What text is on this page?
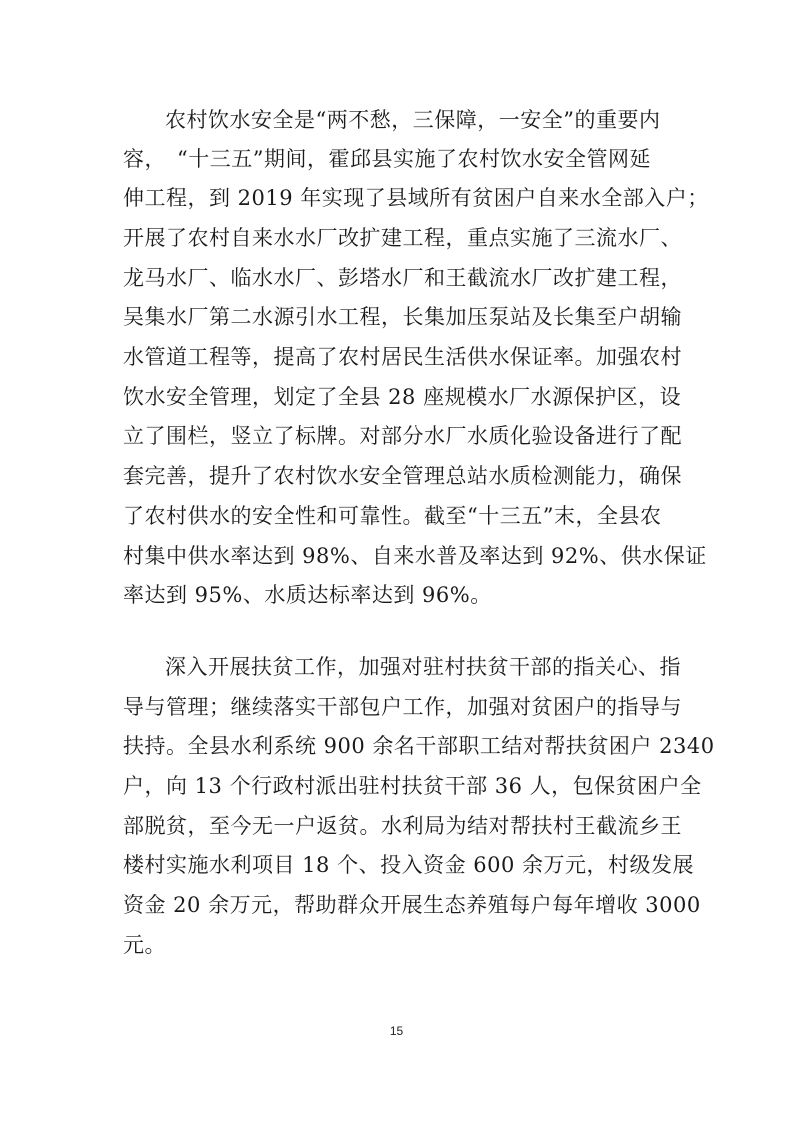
农村饮水安全是“两不愁，三保障，一安全”的重要内
容，　“十三五”期间，霍邱县实施了农村饮水安全管网延
伸工程，到 2019 年实现了县域所有贫困户自来水全部入户；
开展了农村自来水水厂改扩建工程，重点实施了三流水厂、
龙马水厂、临水水厂、彭塔水厂和王截流水厂改扩建工程，
吴集水厂第二水源引水工程，长集加压泵站及长集至户胡输
水管道工程等，提高了农村居民生活供水保证率。加强农村
饮水安全管理，划定了全县 28 座规模水厂水源保护区，设
立了围栏，竖立了标牌。对部分水厂水质化验设备进行了配
套完善，提升了农村饮水安全管理总站水质检测能力，确保
了农村供水的安全性和可靠性。截至“十三五”末，全县农
村集中供水率达到 98%、自来水普及率达到 92%、供水保证
率达到 95%、水质达标率达到 96%。
深入开展扶贫工作，加强对驻村扶贫干部的指关心、指
导与管理；继续落实干部包户工作，加强对贫困户的指导与
扶持。全县水利系统 900 余名干部职工结对帮扶贫困户 2340
户，向 13 个行政村派出驻村扶贫干部 36 人，包保贫困户全
部脱贫，至今无一户返贫。水利局为结对帮扶村王截流乡王
楼村实施水利项目 18 个、投入资金 600 余万元，村级发展
资金 20 余万元，帮助群众开展生态养殖每户每年增收 3000
元。
15
